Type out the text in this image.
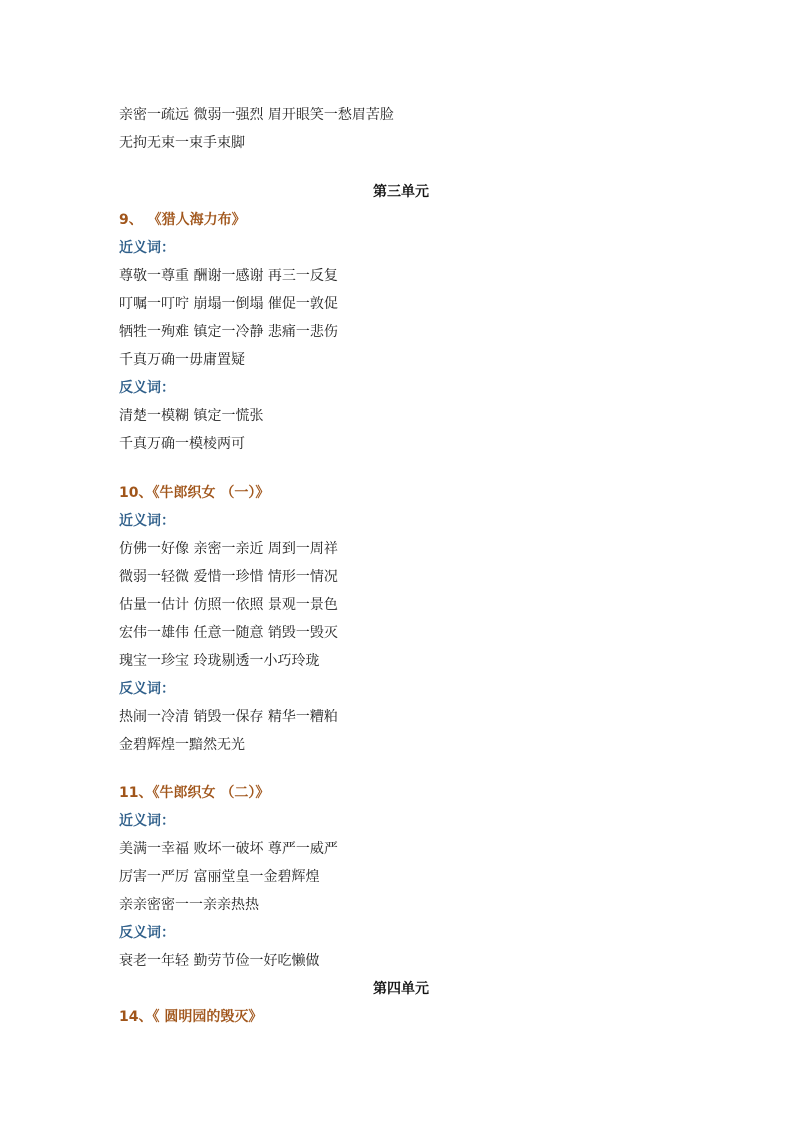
亲密一疏远 微弱一强烈 眉开眼笑一愁眉苦脸
无拘无束一束手束脚
第三单元
9、 《猎人海力布》
近义词：
尊敬一尊重 酬谢一感谢 再三一反复
叮嘱一叮咛 崩塌一倒塌 催促一敦促
牺牲一殉难 镇定一冷静 悲痛一悲伤
千真万确一毋庸置疑
反义词：
清楚一模糊 镇定一慌张
千真万确一模棱两可
10、《牛郎织女 （一）》
近义词：
仿佛一好像 亲密一亲近 周到一周祥
微弱一轻微 爱惜一珍惜 情形一情况
估量一估计 仿照一依照 景观一景色
宏伟一雄伟 任意一随意 销毁一毁灭
瑰宝一珍宝 玲珑剔透一小巧玲珑
反义词：
热闹一冷清 销毁一保存 精华一糟粕
金碧辉煌一黯然无光
11、《牛郎织女 （二）》
近义词：
美满一幸福 败坏一破坏 尊严一威严
厉害一严厉 富丽堂皇一金碧辉煌
亲亲密密一一亲亲热热
反义词：
衰老一年轻 勤劳节俭一好吃懒做
第四单元
14、《 圆明园的毁灭》
